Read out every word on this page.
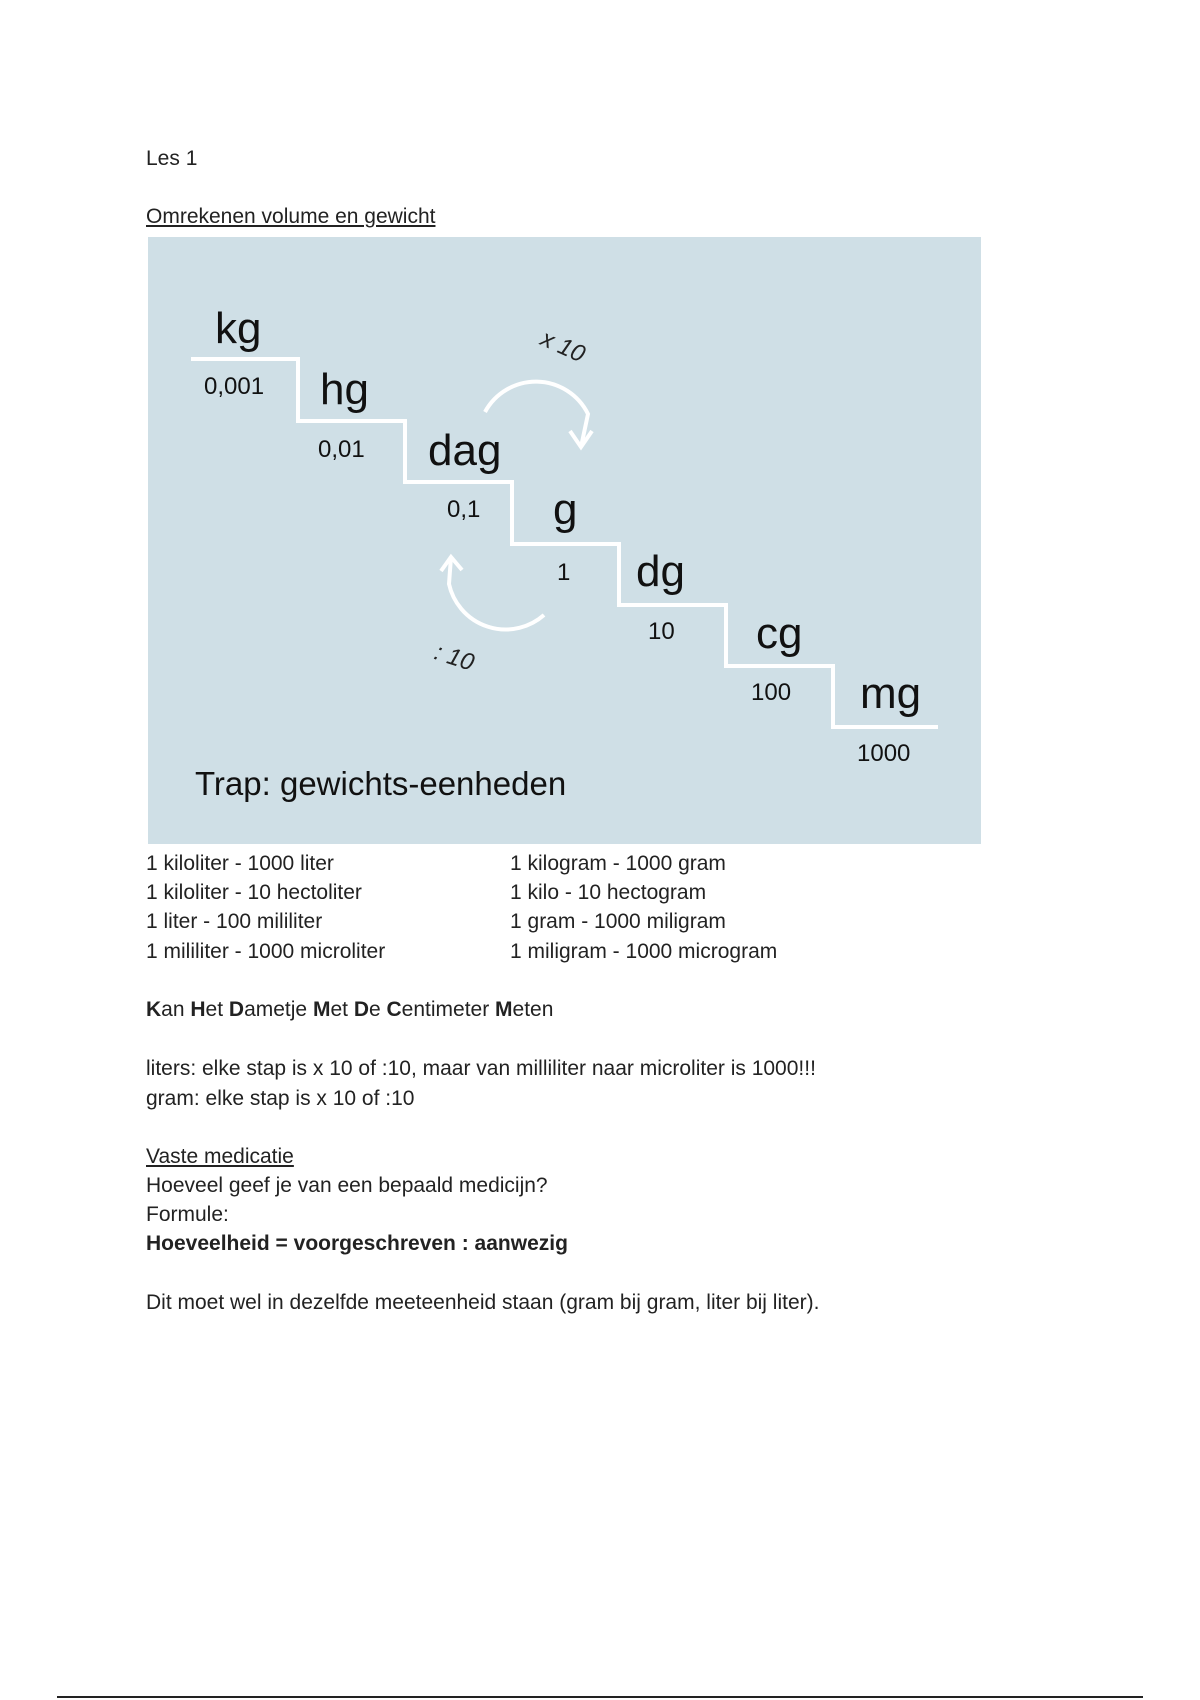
Les 1
Omrekenen volume en gewicht
kg
0,001 hg
0,01 dag
0,1 g
1 dg
10 cg
100 mg
1000
x 10
: 10
Trap: gewichts-eenheden
1 kiloliter - 1000 liter
1 kiloliter - 10 hectoliter
1 liter - 100 mililiter
1 mililiter - 1000 microliter
1 kilogram - 1000 gram
1 kilo - 10 hectogram
1 gram - 1000 miligram
1 miligram - 1000 microgram
Kan Het Dametje Met De Centimeter Meten
liters: elke stap is x 10 of :10, maar van milliliter naar microliter is 1000!!!
gram: elke stap is x 10 of :10
Vaste medicatie
Hoeveel geef je van een bepaald medicijn?
Formule:
Hoeveelheid = voorgeschreven : aanwezig
Dit moet wel in dezelfde meeteenheid staan (gram bij gram, liter bij liter).
